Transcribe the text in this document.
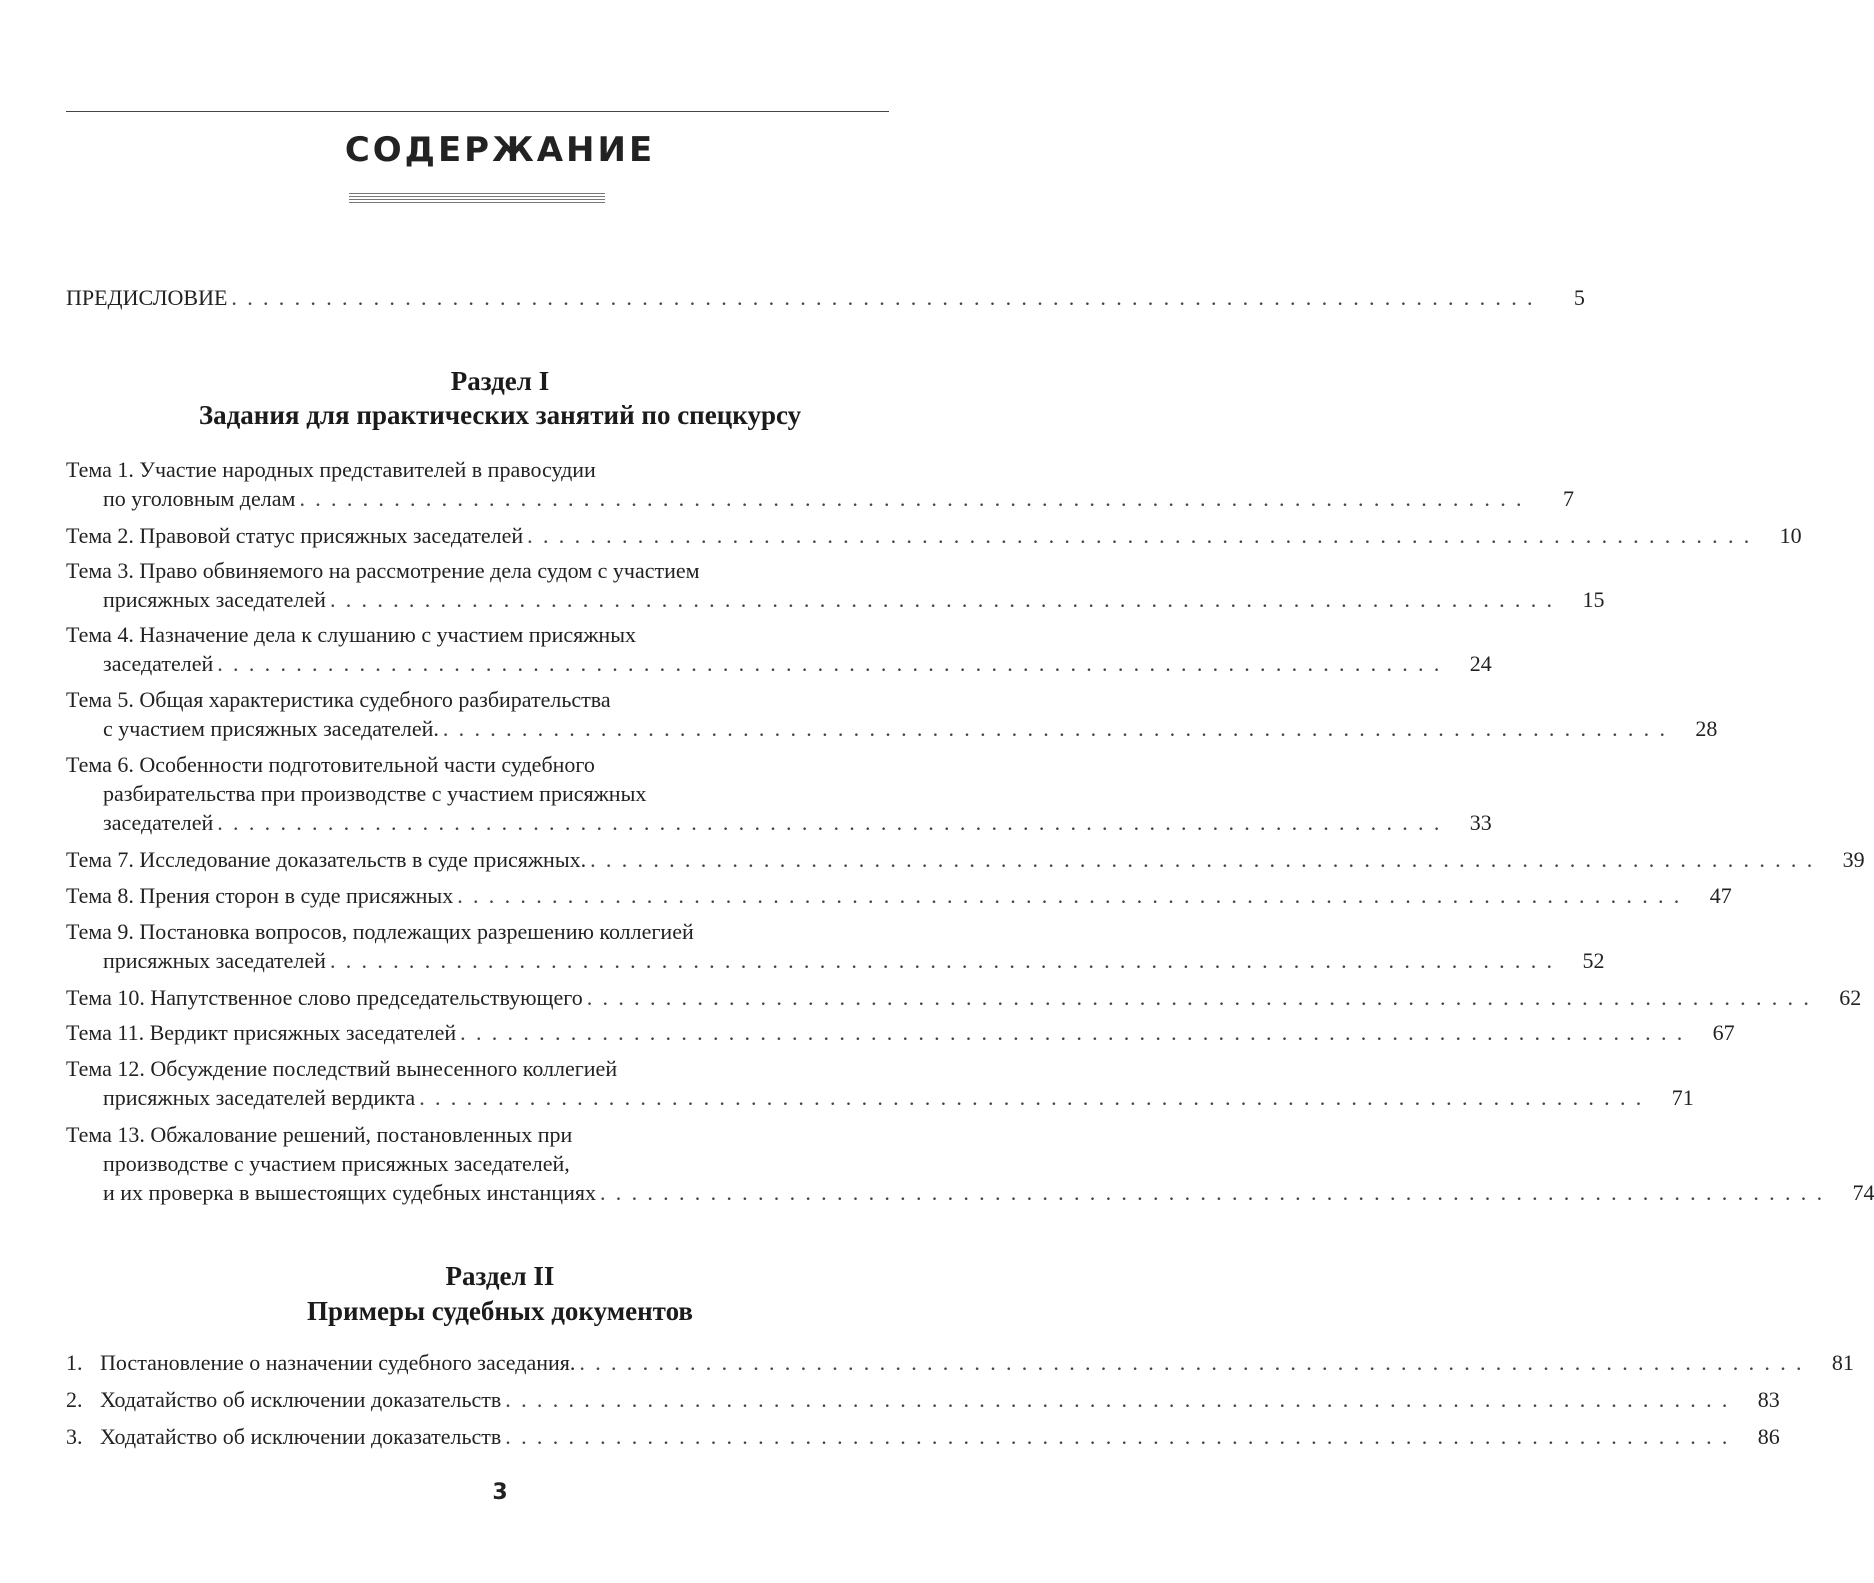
СОДЕРЖАНИЕ
ПРЕДИСЛОВИЕ . . . . . . . . . . . . . . . . . . . . . . . . . . . . . . . . . . . . . . . . . . . . . . . . . . . . . . . . . . . . . . . . . . . . . . . . . . . . . . . . . . .	5
Раздел I
Задания для практических занятий по спецкурсу
Тема 1. Участие народных представителей в правосудии
по уголовным делам . . . . . . . . . . . . . . . . . . . . . . . . . . . . . . . . . . . . . . . . . . . . . . . . . . . . . . . . . . . . . . . . . . . . . . . . . . . . . .	7
Тема 2. Правовой статус присяжных заседателей . . . . . . . . . . . . . . . . . . . . . . . . . . . . . . . . . . . . . . . . . . . . . . . . . . . . . . . . . . . . . . . . . . . . . . . . . . . . . .	10
Тема 3. Право обвиняемого на рассмотрение дела судом с участием
присяжных заседателей . . . . . . . . . . . . . . . . . . . . . . . . . . . . . . . . . . . . . . . . . . . . . . . . . . . . . . . . . . . . . . . . . . . . . . . . . . . . . .	15
Тема 4. Назначение дела к слушанию с участием присяжных
заседателей . . . . . . . . . . . . . . . . . . . . . . . . . . . . . . . . . . . . . . . . . . . . . . . . . . . . . . . . . . . . . . . . . . . . . . . . . . . . . .	24
Тема 5. Общая характеристика судебного разбирательства
с участием присяжных заседателей. . . . . . . . . . . . . . . . . . . . . . . . . . . . . . . . . . . . . . . . . . . . . . . . . . . . . . . . . . . . . . . . . . . . . . . . . . . . . . .	28
Тема 6. Особенности подготовительной части судебного
разбирательства при производстве с участием присяжных
заседателей . . . . . . . . . . . . . . . . . . . . . . . . . . . . . . . . . . . . . . . . . . . . . . . . . . . . . . . . . . . . . . . . . . . . . . . . . . . . . .	33
Тема 7. Исследование доказательств в суде присяжных. . . . . . . . . . . . . . . . . . . . . . . . . . . . . . . . . . . . . . . . . . . . . . . . . . . . . . . . . . . . . . . . . . . . . . . . . . . . . . .	39
Тема 8. Прения сторон в суде присяжных . . . . . . . . . . . . . . . . . . . . . . . . . . . . . . . . . . . . . . . . . . . . . . . . . . . . . . . . . . . . . . . . . . . . . . . . . . . . . .	47
Тема 9. Постановка вопросов, подлежащих разрешению коллегией
присяжных заседателей . . . . . . . . . . . . . . . . . . . . . . . . . . . . . . . . . . . . . . . . . . . . . . . . . . . . . . . . . . . . . . . . . . . . . . . . . . . . . .	52
Тема 10. Напутственное слово председательствующего . . . . . . . . . . . . . . . . . . . . . . . . . . . . . . . . . . . . . . . . . . . . . . . . . . . . . . . . . . . . . . . . . . . . . . . . . . . . . .	62
Тема 11. Вердикт присяжных заседателей . . . . . . . . . . . . . . . . . . . . . . . . . . . . . . . . . . . . . . . . . . . . . . . . . . . . . . . . . . . . . . . . . . . . . . . . . . . . . .	67
Тема 12. Обсуждение последствий вынесенного коллегией
присяжных заседателей вердикта . . . . . . . . . . . . . . . . . . . . . . . . . . . . . . . . . . . . . . . . . . . . . . . . . . . . . . . . . . . . . . . . . . . . . . . . . . . . . .	71
Тема 13. Обжалование решений, постановленных при
производстве с участием присяжных заседателей,
и их проверка в вышестоящих судебных инстанциях . . . . . . . . . . . . . . . . . . . . . . . . . . . . . . . . . . . . . . . . . . . . . . . . . . . . . . . . . . . . . . . . . . . . . . . . . . . . . .	74
Раздел II
Примеры судебных документов
1. Постановление о назначении судебного заседания. . . . . . . . . . . . . . . . . . . . . . . . . . . . . . . . . . . . . . . . . . . . . . . . . . . . . . . . . . . . . . . . . . . . . . . . . . . . . . .	81
2. Ходатайство об исключении доказательств . . . . . . . . . . . . . . . . . . . . . . . . . . . . . . . . . . . . . . . . . . . . . . . . . . . . . . . . . . . . . . . . . . . . . . . . . . . . . .	83
3. Ходатайство об исключении доказательств . . . . . . . . . . . . . . . . . . . . . . . . . . . . . . . . . . . . . . . . . . . . . . . . . . . . . . . . . . . . . . . . . . . . . . . . . . . . . .	86
3
